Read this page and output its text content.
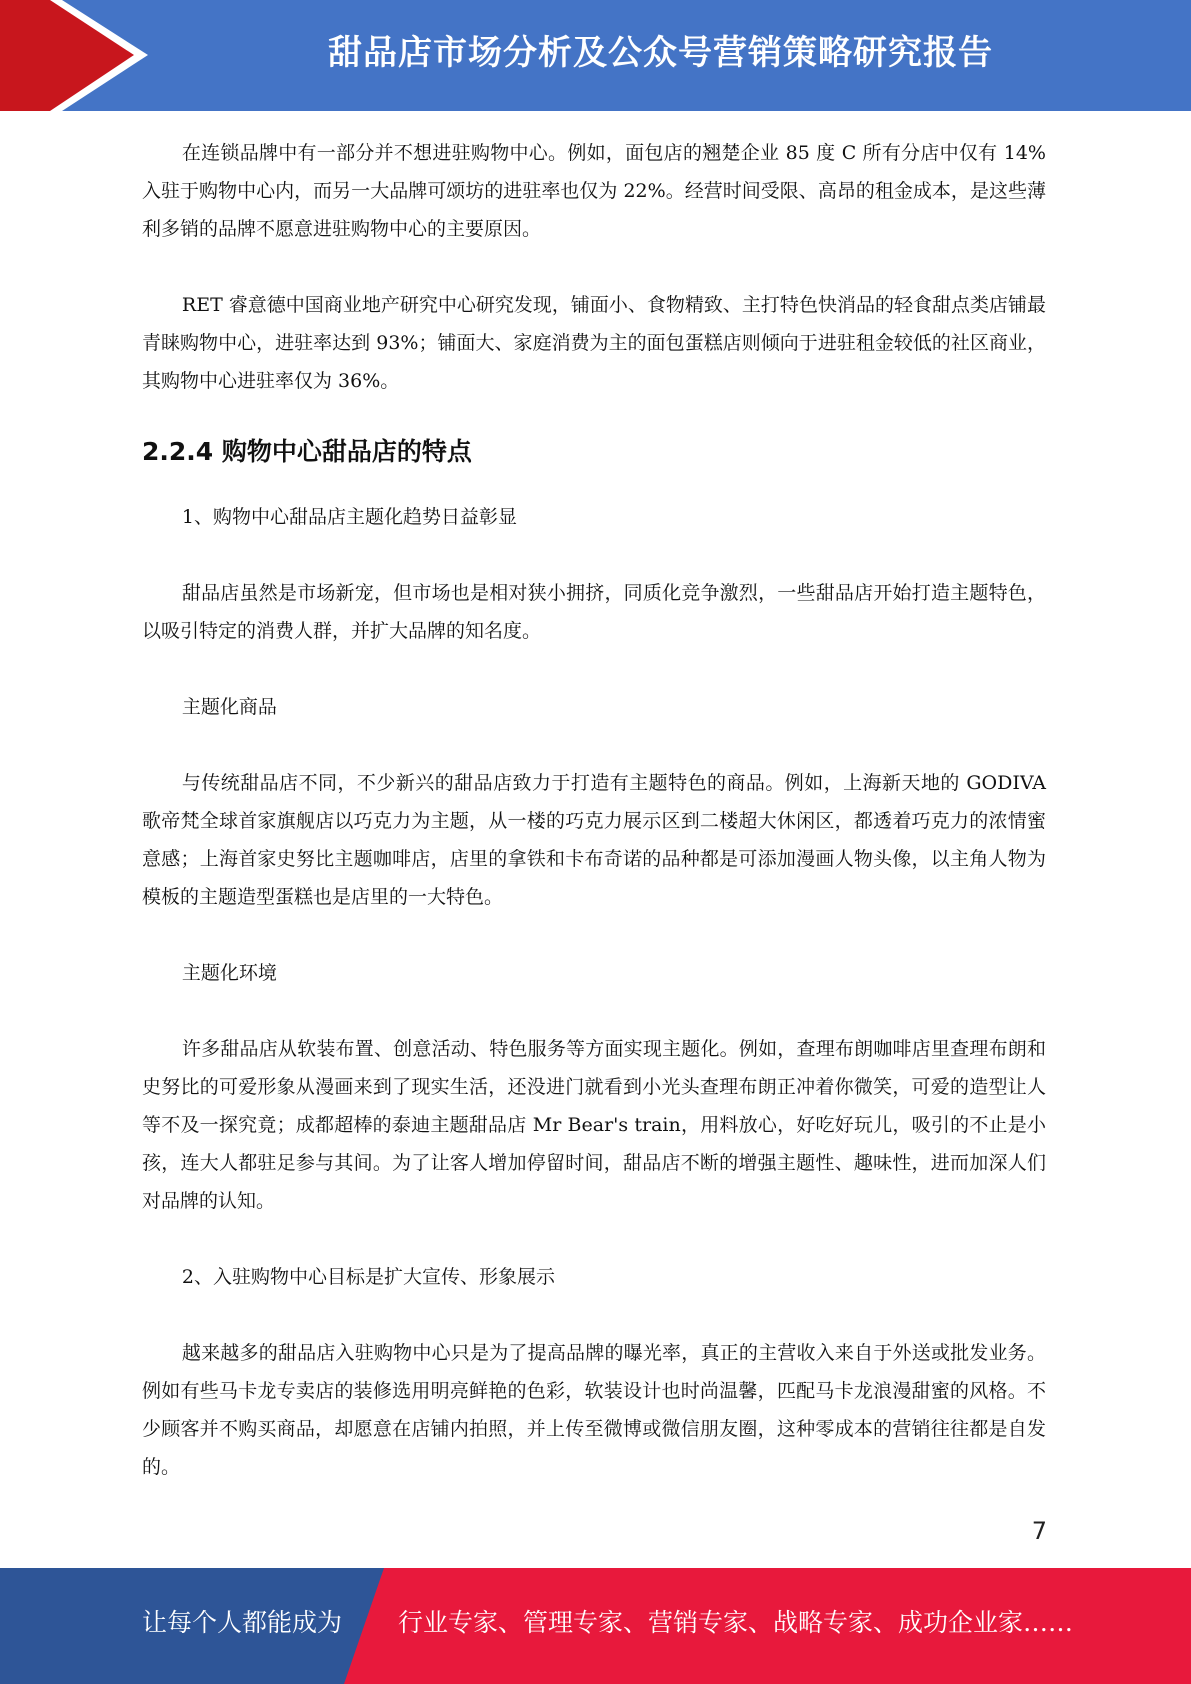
甜品店市场分析及公众号营销策略研究报告

在连锁品牌中有一部分并不想进驻购物中心。例如，面包店的翘楚企业 85 度 C 所有分店中仅有 14%入驻于购物中心内，而另一大品牌可颂坊的进驻率也仅为 22%。经营时间受限、高昂的租金成本，是这些薄利多销的品牌不愿意进驻购物中心的主要原因。

RET 睿意德中国商业地产研究中心研究发现，铺面小、食物精致、主打特色快消品的轻食甜点类店铺最青睐购物中心，进驻率达到 93%；铺面大、家庭消费为主的面包蛋糕店则倾向于进驻租金较低的社区商业，其购物中心进驻率仅为 36%。

2.2.4 购物中心甜品店的特点

1、购物中心甜品店主题化趋势日益彰显

甜品店虽然是市场新宠，但市场也是相对狭小拥挤，同质化竞争激烈，一些甜品店开始打造主题特色，以吸引特定的消费人群，并扩大品牌的知名度。

主题化商品

与传统甜品店不同，不少新兴的甜品店致力于打造有主题特色的商品。例如，上海新天地的 GODIVA 歌帝梵全球首家旗舰店以巧克力为主题，从一楼的巧克力展示区到二楼超大休闲区，都透着巧克力的浓情蜜意感；上海首家史努比主题咖啡店，店里的拿铁和卡布奇诺的品种都是可添加漫画人物头像，以主角人物为模板的主题造型蛋糕也是店里的一大特色。

主题化环境

许多甜品店从软装布置、创意活动、特色服务等方面实现主题化。例如，查理布朗咖啡店里查理布朗和史努比的可爱形象从漫画来到了现实生活，还没进门就看到小光头查理布朗正冲着你微笑，可爱的造型让人等不及一探究竟；成都超棒的泰迪主题甜品店 Mr Bear's train，用料放心，好吃好玩儿，吸引的不止是小孩，连大人都驻足参与其间。为了让客人增加停留时间，甜品店不断的增强主题性、趣味性，进而加深人们对品牌的认知。

2、入驻购物中心目标是扩大宣传、形象展示

越来越多的甜品店入驻购物中心只是为了提高品牌的曝光率，真正的主营收入来自于外送或批发业务。例如有些马卡龙专卖店的装修选用明亮鲜艳的色彩，软装设计也时尚温馨，匹配马卡龙浪漫甜蜜的风格。不少顾客并不购买商品，却愿意在店铺内拍照，并上传至微博或微信朋友圈，这种零成本的营销往往都是自发的。

7
让每个人都能成为 行业专家、管理专家、营销专家、战略专家、成功企业家……
